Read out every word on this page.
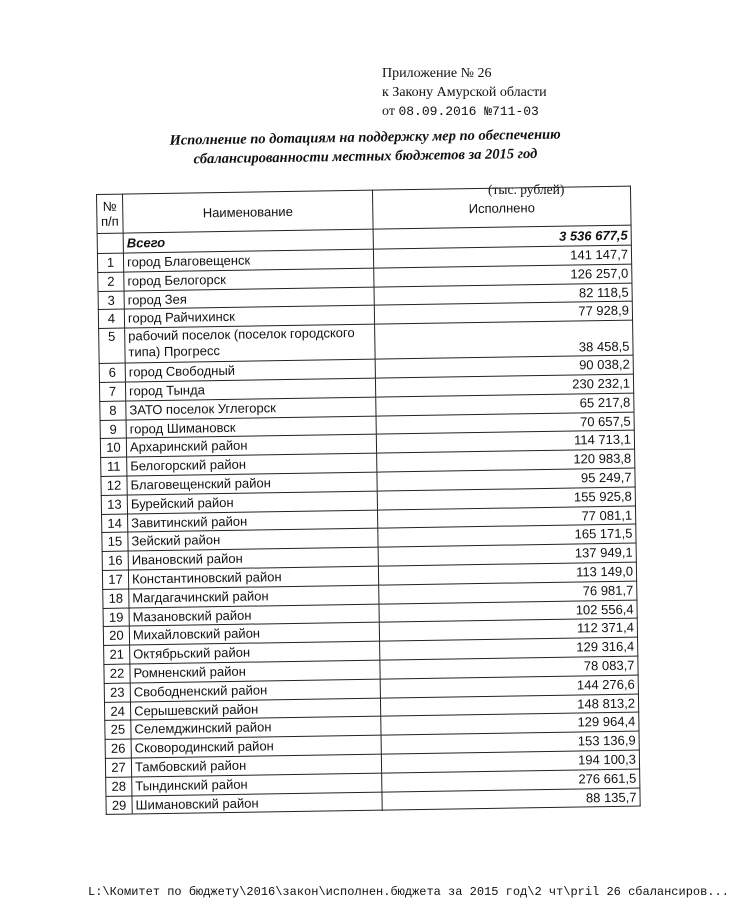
Приложение № 26
к Закону Амурской области
от 08.09.2016 №711-03
Исполнение по дотациям на поддержку мер по обеспечению
сбалансированности местных бюджетов за 2015 год
(тыс. рублей)
№ п/п	Наименование	Исполнено
	Всего	3 536 677,5
1	город Благовещенск	141 147,7
2	город Белогорск	126 257,0
3	город Зея	82 118,5
4	город Райчихинск	77 928,9
5	рабочий поселок (поселок городского типа) Прогресс	38 458,5
6	город Свободный	90 038,2
7	город Тында	230 232,1
8	ЗАТО поселок Углегорск	65 217,8
9	город Шимановск	70 657,5
10	Архаринский район	114 713,1
11	Белогорский район	120 983,8
12	Благовещенский район	95 249,7
13	Бурейский район	155 925,8
14	Завитинский район	77 081,1
15	Зейский район	165 171,5
16	Ивановский район	137 949,1
17	Константиновский район	113 149,0
18	Магдагачинский район	76 981,7
19	Мазановский район	102 556,4
20	Михайловский район	112 371,4
21	Октябрьский район	129 316,4
22	Ромненский район	78 083,7
23	Свободненский район	144 276,6
24	Серышевский район	148 813,2
25	Селемджинский район	129 964,4
26	Сковородинский район	153 136,9
27	Тамбовский район	194 100,3
28	Тындинский район	276 661,5
29	Шимановский район	88 135,7
L:\Комитет по бюджету\2016\закон\исполнен.бюджета за 2015 год\2 чт\pril 26 сбалансиров...
